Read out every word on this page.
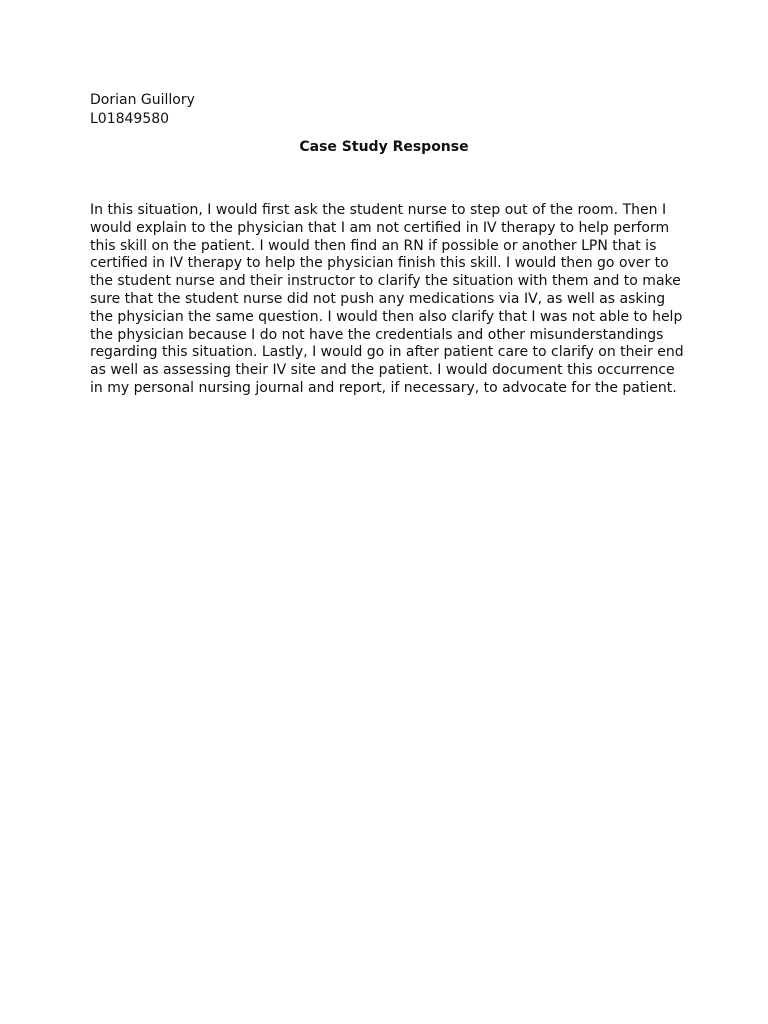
Dorian Guillory
L01849580
Case Study Response
In this situation, I would first ask the student nurse to step out of the room. Then I
would explain to the physician that I am not certified in IV therapy to help perform
this skill on the patient. I would then find an RN if possible or another LPN that is
certified in IV therapy to help the physician finish this skill. I would then go over to
the student nurse and their instructor to clarify the situation with them and to make
sure that the student nurse did not push any medications via IV, as well as asking
the physician the same question. I would then also clarify that I was not able to help
the physician because I do not have the credentials and other misunderstandings
regarding this situation. Lastly, I would go in after patient care to clarify on their end
as well as assessing their IV site and the patient. I would document this occurrence
in my personal nursing journal and report, if necessary, to advocate for the patient.
